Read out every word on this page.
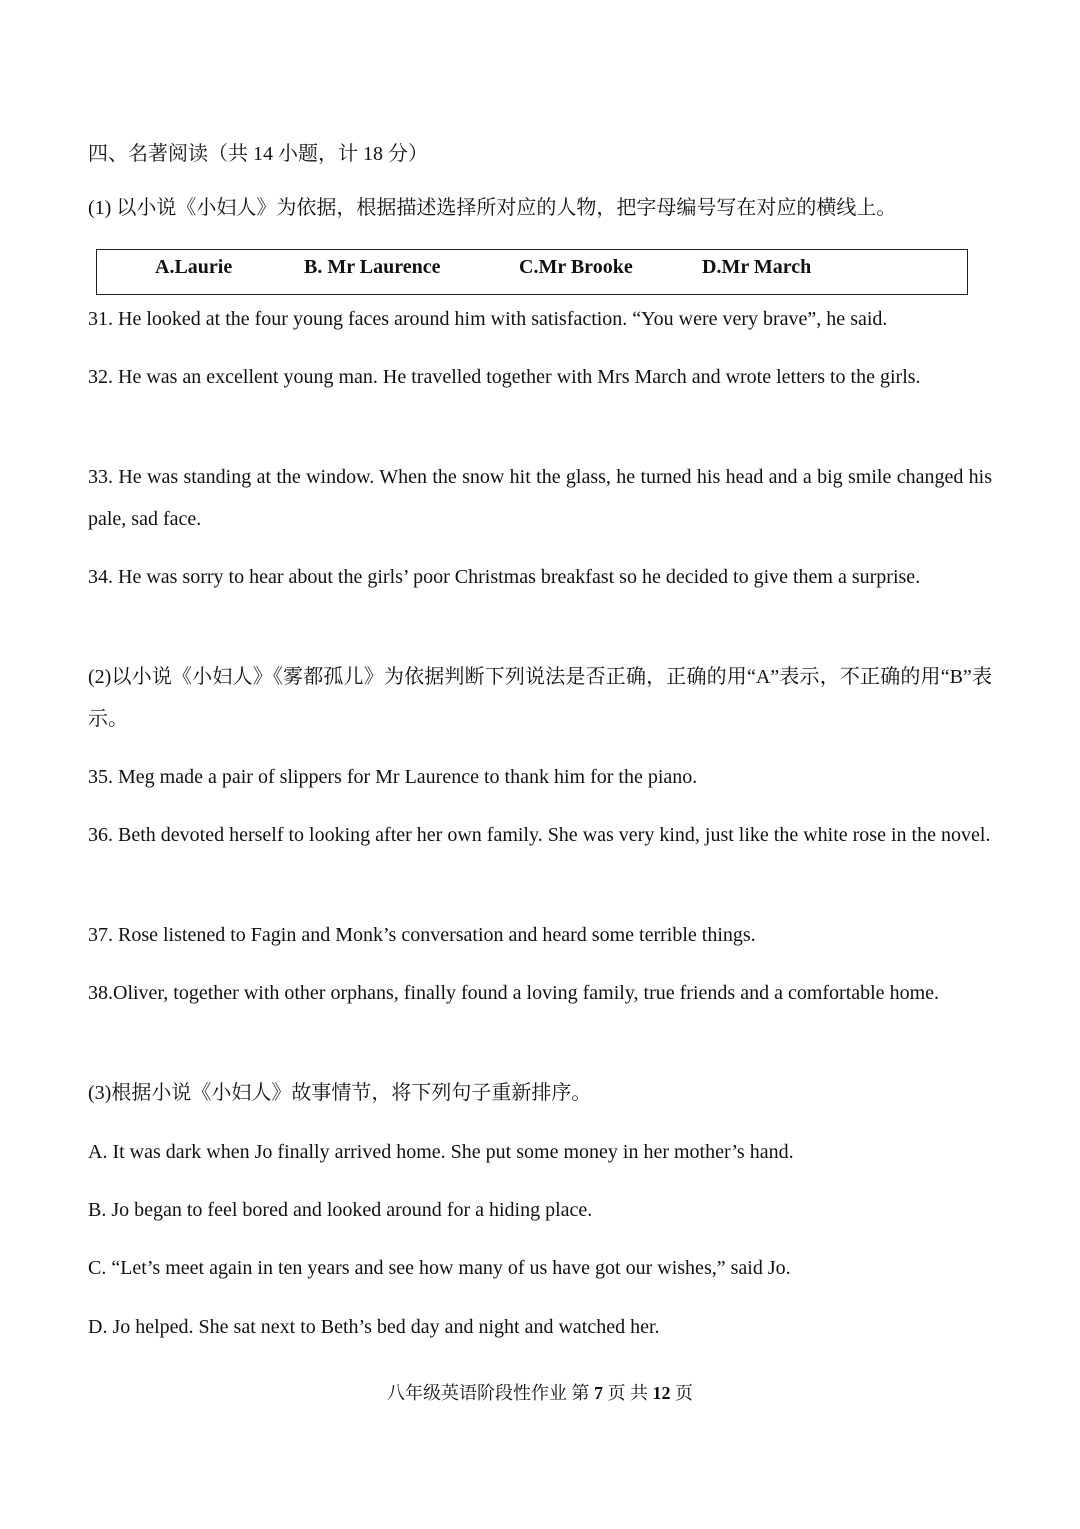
四、名著阅读（共 14 小题，计 18 分）
(1) 以小说《小妇人》为依据，根据描述选择所对应的人物，把字母编号写在对应的横线上。
A.Laurie	B. Mr Laurence	C.Mr Brooke	D.Mr March
31. He looked at the four young faces around him with satisfaction. “You were very brave”, he said.
32. He was an excellent young man. He travelled together with Mrs March and wrote letters to the girls.
33. He was standing at the window. When the snow hit the glass, he turned his head and a big smile changed his pale, sad face.
34. He was sorry to hear about the girls’ poor Christmas breakfast so he decided to give them a surprise.
(2)以小说《小妇人》《雾都孤儿》为依据判断下列说法是否正确，正确的用“A”表示，不正确的用“B”表示。
35. Meg made a pair of slippers for Mr Laurence to thank him for the piano.
36. Beth devoted herself to looking after her own family. She was very kind, just like the white rose in the novel.
37. Rose listened to Fagin and Monk’s conversation and heard some terrible things.
38.Oliver, together with other orphans, finally found a loving family, true friends and a comfortable home.
(3)根据小说《小妇人》故事情节，将下列句子重新排序。
A. It was dark when Jo finally arrived home. She put some money in her mother’s hand.
B. Jo began to feel bored and looked around for a hiding place.
C. “Let’s meet again in ten years and see how many of us have got our wishes,” said Jo.
D. Jo helped. She sat next to Beth’s bed day and night and watched her.
八年级英语阶段性作业 第 7 页 共 12 页
